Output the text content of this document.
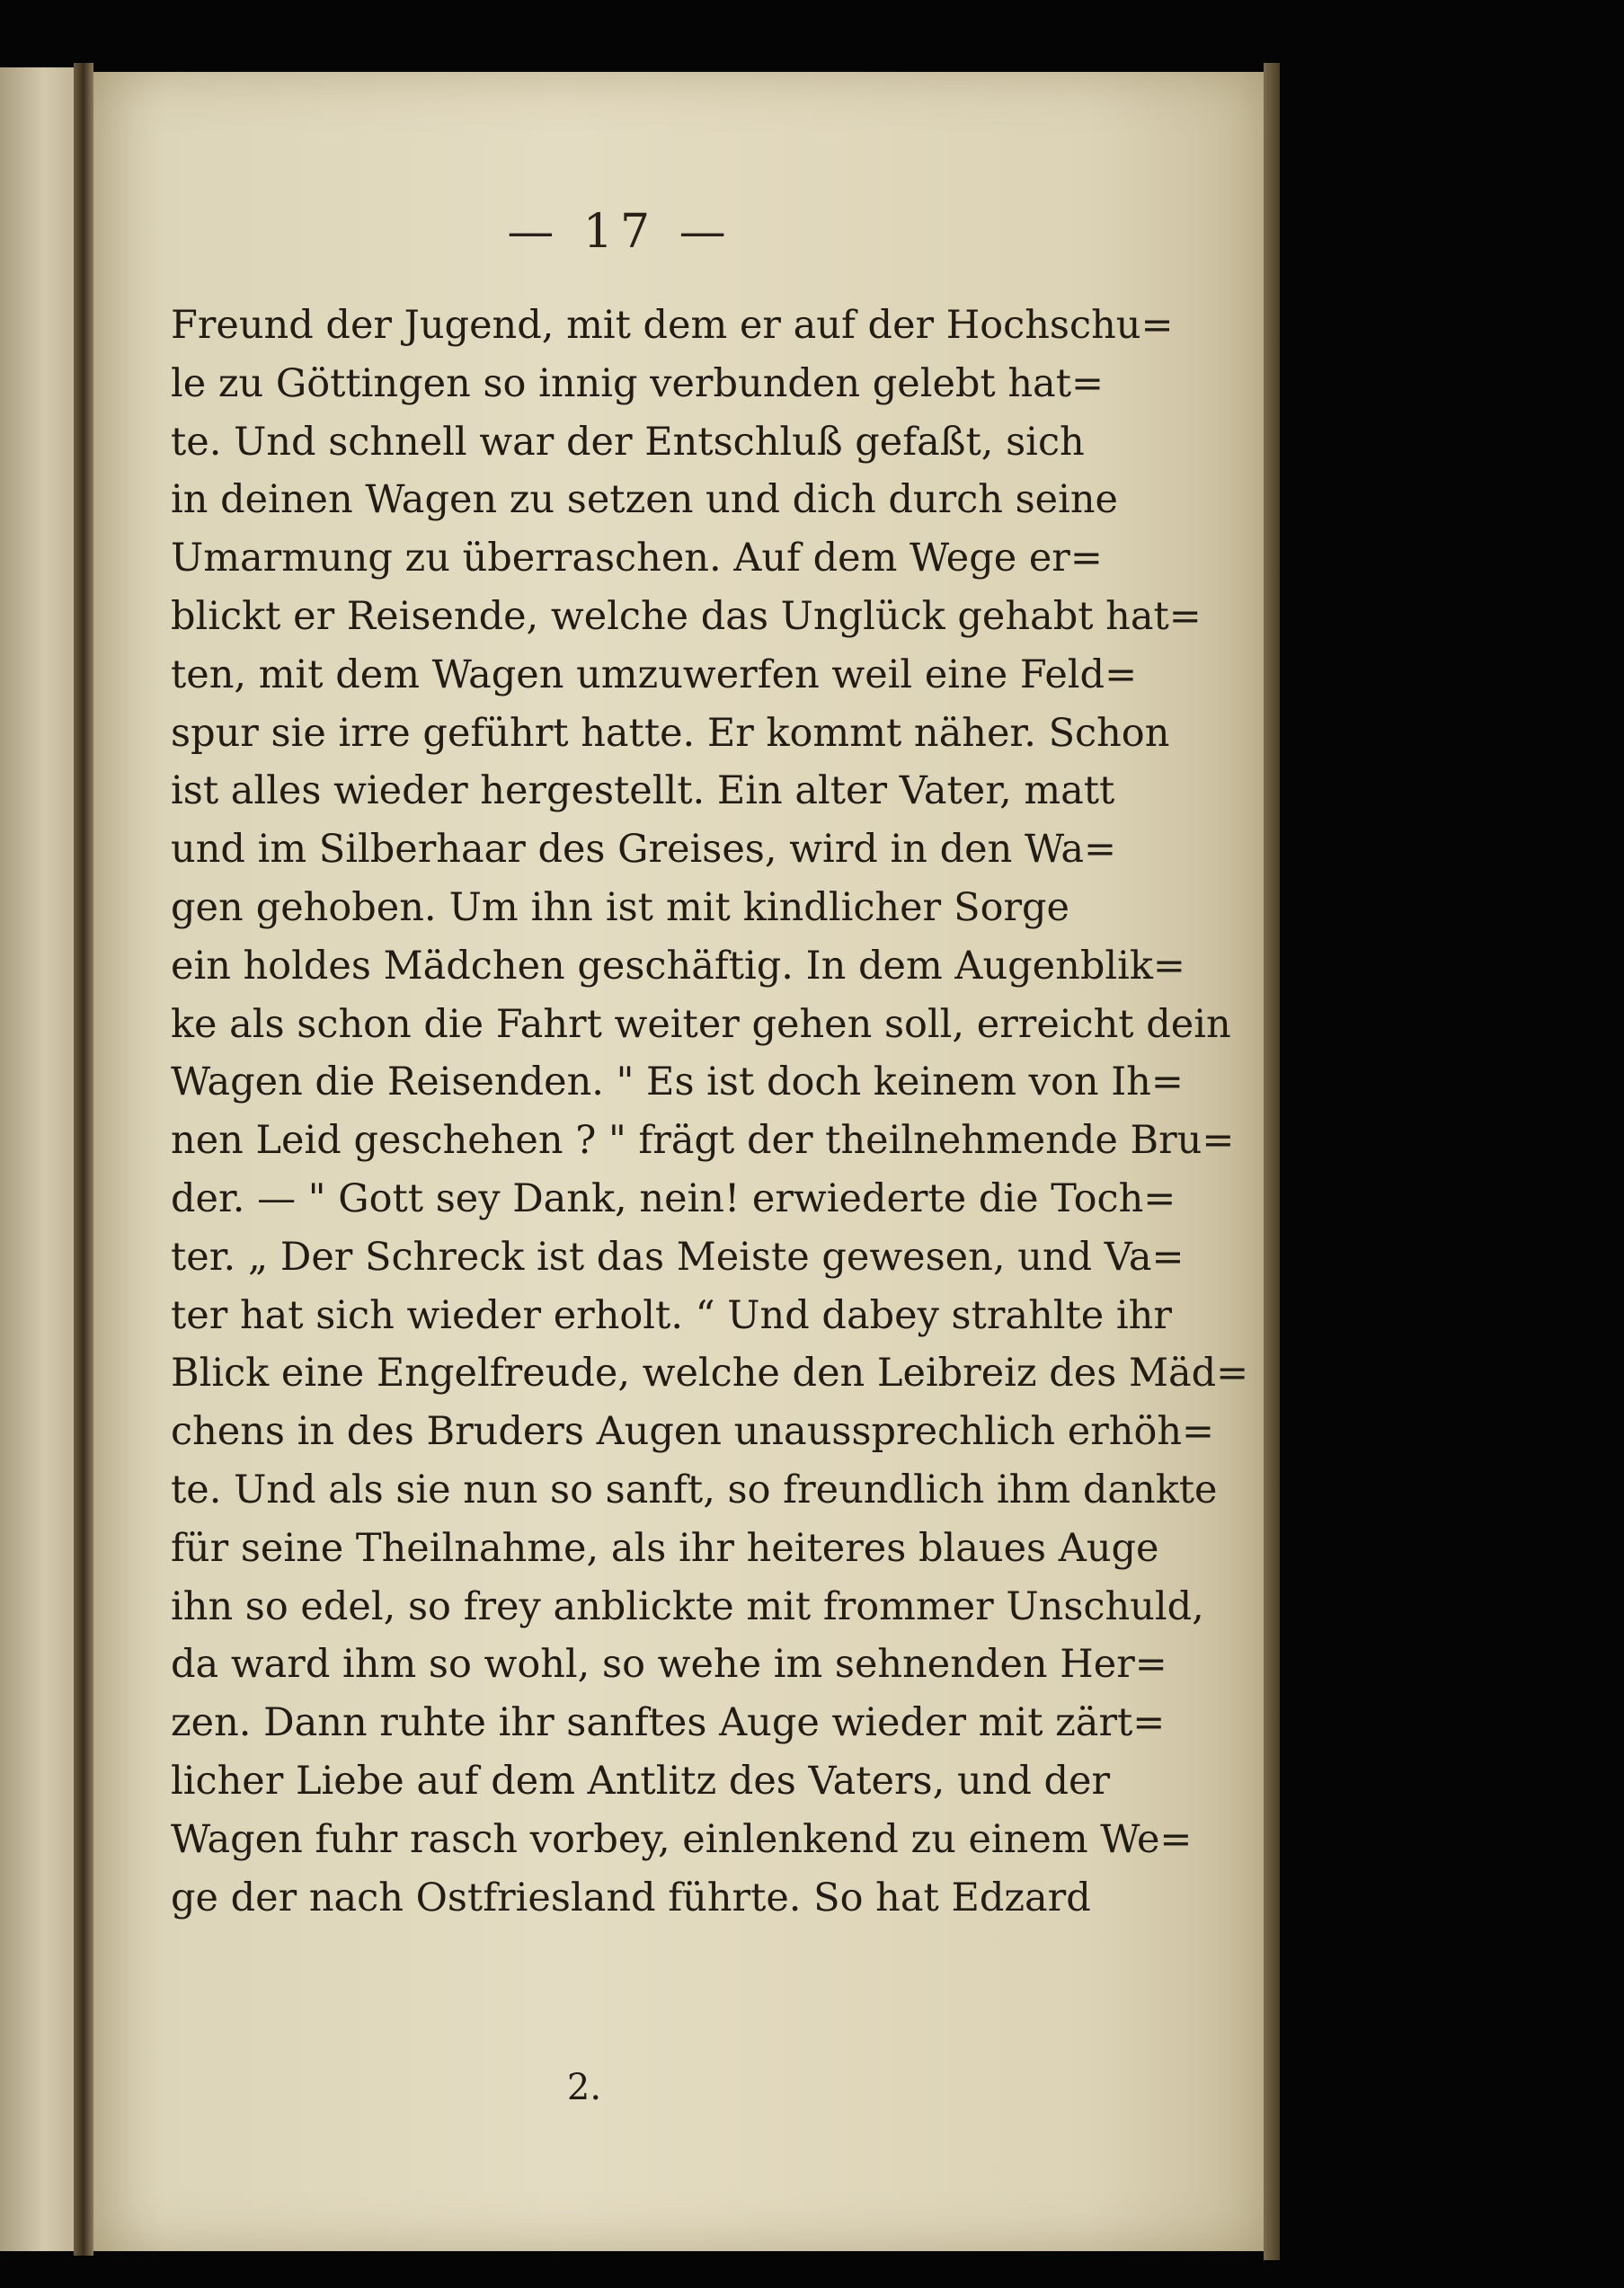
— 17 —
Freund der Jugend, mit dem er auf der Hochschu=
le zu Göttingen so innig verbunden gelebt hat=
te. Und schnell war der Entschluß gefaßt, sich
in deinen Wagen zu setzen und dich durch seine
Umarmung zu überraschen. Auf dem Wege er=
blickt er Reisende, welche das Unglück gehabt hat=
ten, mit dem Wagen umzuwerfen weil eine Feld=
spur sie irre geführt hatte. Er kommt näher. Schon
ist alles wieder hergestellt. Ein alter Vater, matt
und im Silberhaar des Greises, wird in den Wa=
gen gehoben. Um ihn ist mit kindlicher Sorge
ein holdes Mädchen geschäftig. In dem Augenblik=
ke als schon die Fahrt weiter gehen soll, erreicht dein
Wagen die Reisenden. " Es ist doch keinem von Ih=
nen Leid geschehen ? " frägt der theilnehmende Bru=
der. — " Gott sey Dank, nein! erwiederte die Toch=
ter. „ Der Schreck ist das Meiste gewesen, und Va=
ter hat sich wieder erholt. “ Und dabey strahlte ihr
Blick eine Engelfreude, welche den Leibreiz des Mäd=
chens in des Bruders Augen unaussprechlich erhöh=
te. Und als sie nun so sanft, so freundlich ihm dankte
für seine Theilnahme, als ihr heiteres blaues Auge
ihn so edel, so frey anblickte mit frommer Unschuld,
da ward ihm so wohl, so wehe im sehnenden Her=
zen. Dann ruhte ihr sanftes Auge wieder mit zärt=
licher Liebe auf dem Antlitz des Vaters, und der
Wagen fuhr rasch vorbey, einlenkend zu einem We=
ge der nach Ostfriesland führte. So hat Edzard
2.
